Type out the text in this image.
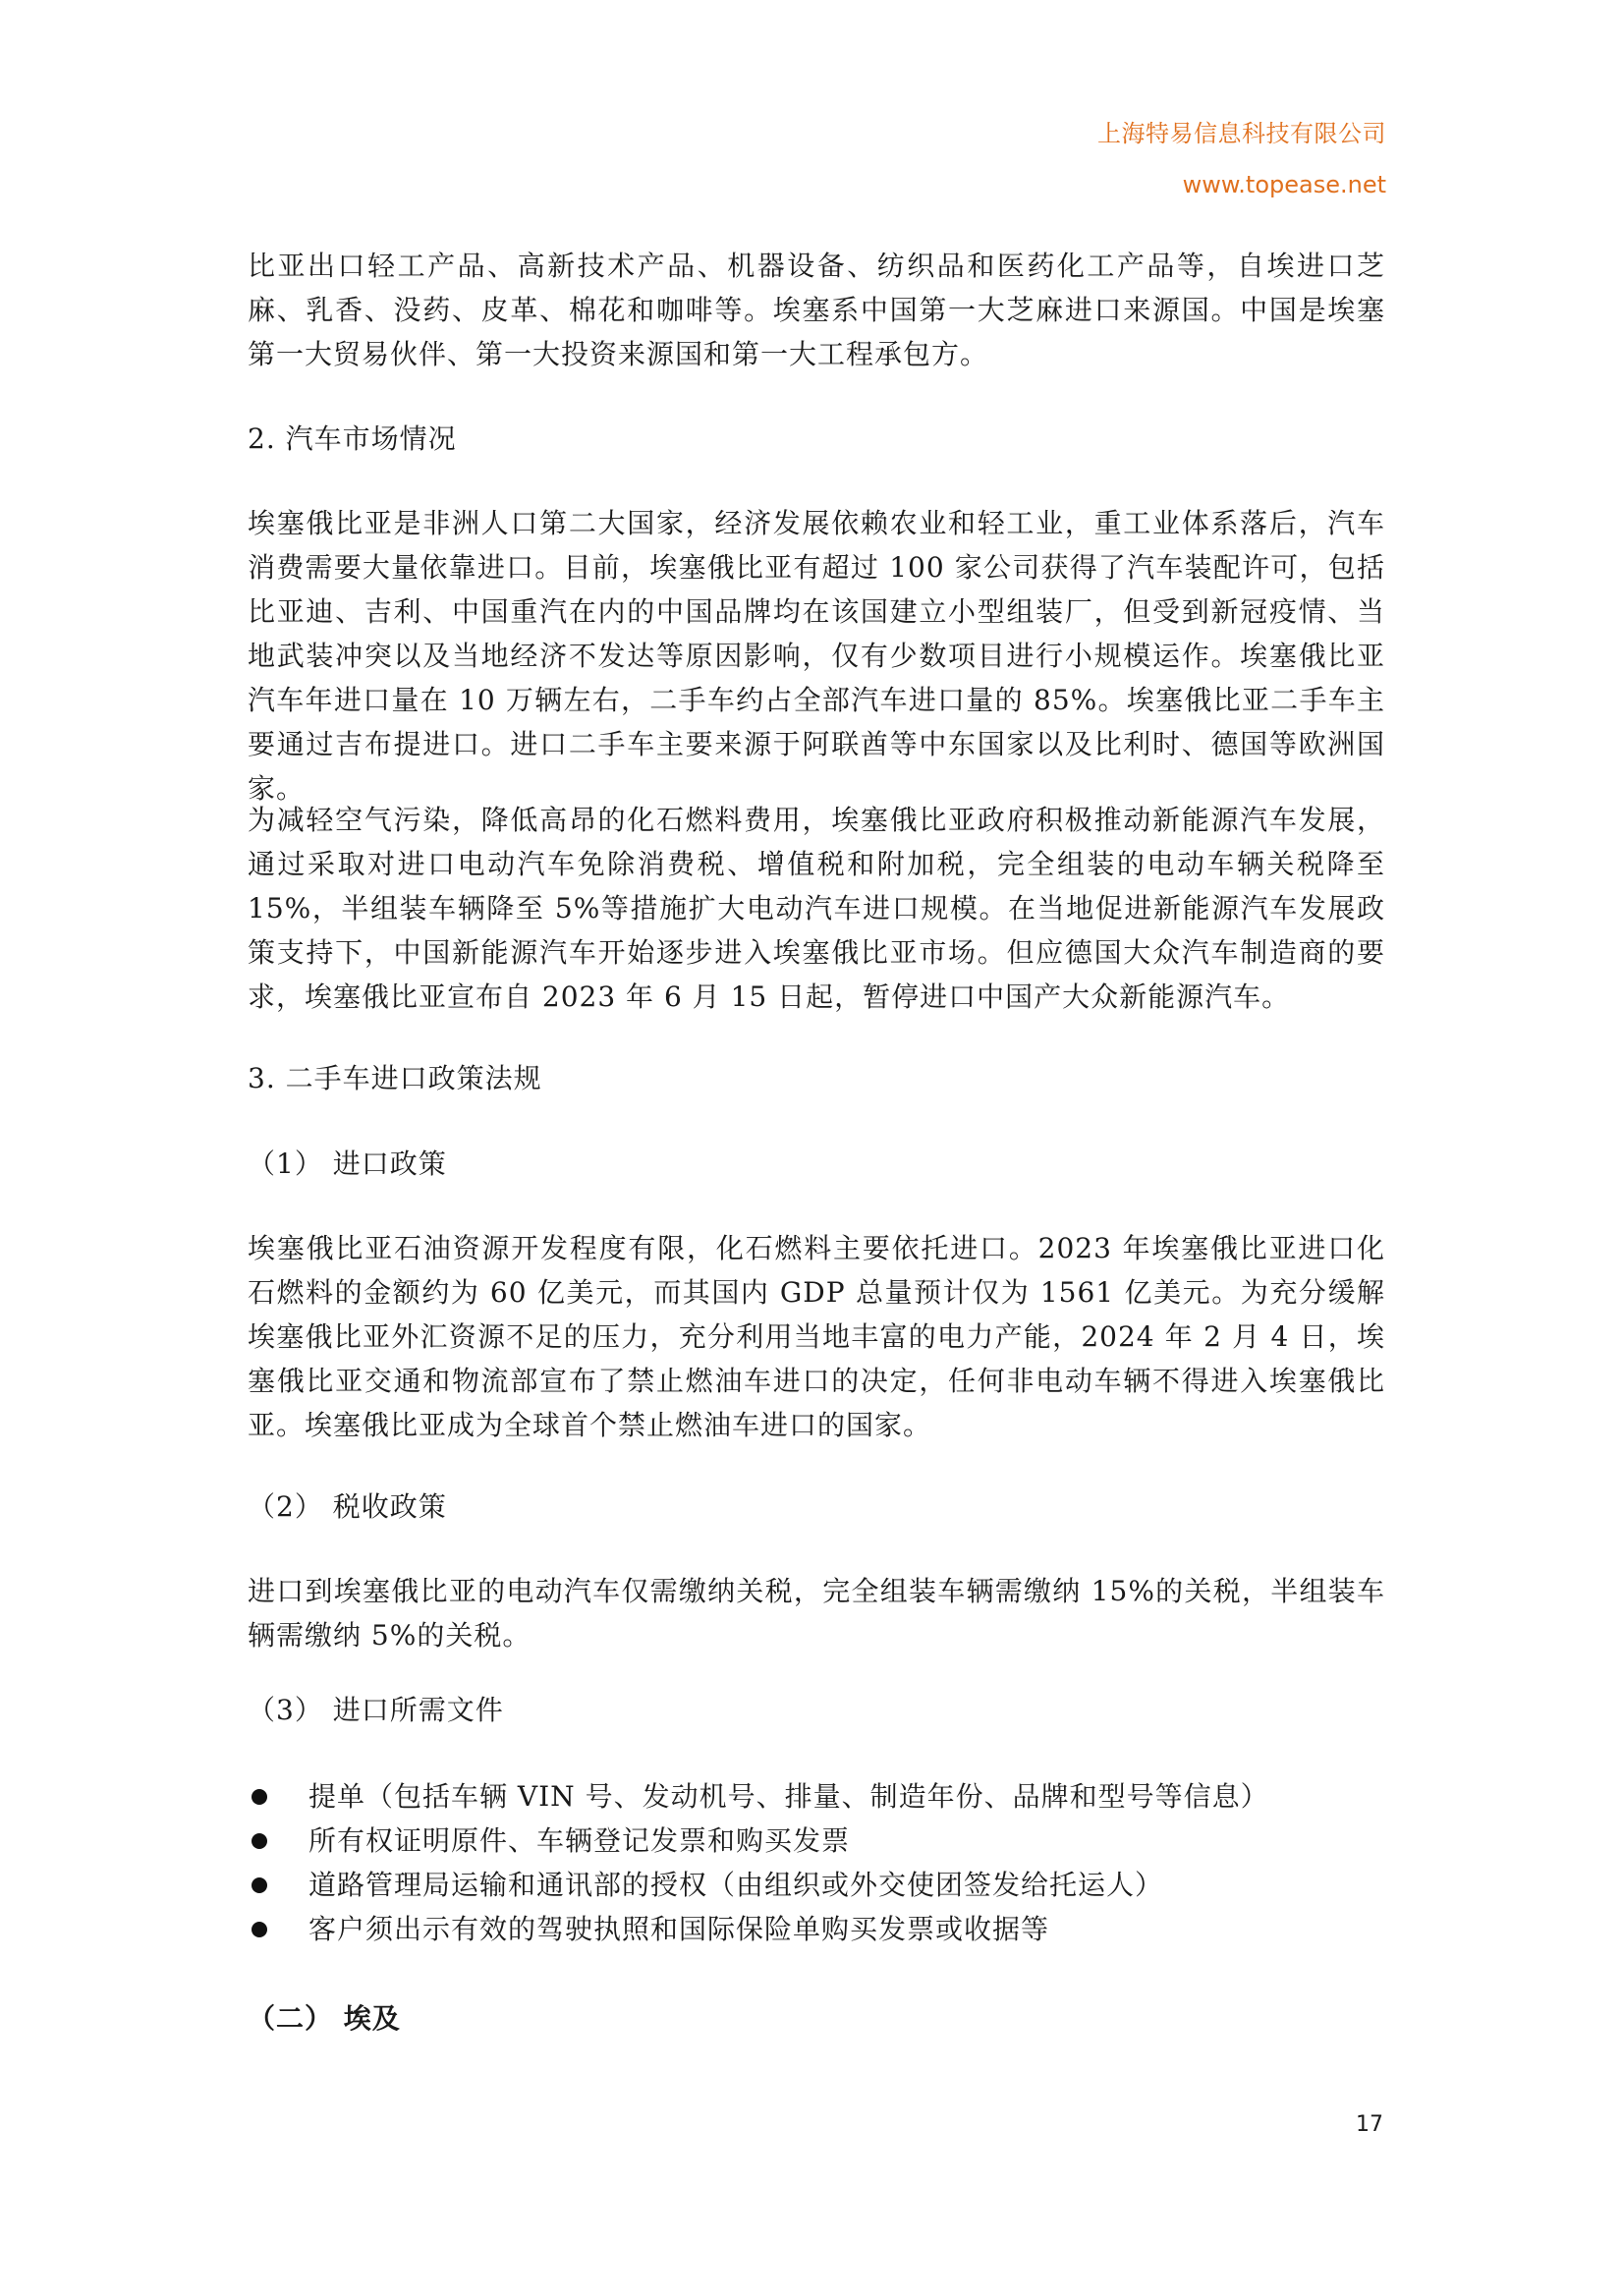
上海特易信息科技有限公司
www.topease.net

比亚出口轻工产品、高新技术产品、机器设备、纺织品和医药化工产品等，自埃进口芝麻、乳香、没药、皮革、棉花和咖啡等。埃塞系中国第一大芝麻进口来源国。中国是埃塞第一大贸易伙伴、第一大投资来源国和第一大工程承包方。

2. 汽车市场情况

埃塞俄比亚是非洲人口第二大国家，经济发展依赖农业和轻工业，重工业体系落后，汽车消费需要大量依靠进口。目前，埃塞俄比亚有超过 100 家公司获得了汽车装配许可，包括比亚迪、吉利、中国重汽在内的中国品牌均在该国建立小型组装厂，但受到新冠疫情、当地武装冲突以及当地经济不发达等原因影响，仅有少数项目进行小规模运作。埃塞俄比亚汽车年进口量在 10 万辆左右，二手车约占全部汽车进口量的 85%。埃塞俄比亚二手车主要通过吉布提进口。进口二手车主要来源于阿联酋等中东国家以及比利时、德国等欧洲国家。

为减轻空气污染，降低高昂的化石燃料费用，埃塞俄比亚政府积极推动新能源汽车发展，通过采取对进口电动汽车免除消费税、增值税和附加税，完全组装的电动车辆关税降至 15%，半组装车辆降至 5%等措施扩大电动汽车进口规模。在当地促进新能源汽车发展政策支持下，中国新能源汽车开始逐步进入埃塞俄比亚市场。但应德国大众汽车制造商的要求，埃塞俄比亚宣布自 2023 年 6 月 15 日起，暂停进口中国产大众新能源汽车。

3. 二手车进口政策法规
（1） 进口政策

埃塞俄比亚石油资源开发程度有限，化石燃料主要依托进口。2023 年埃塞俄比亚进口化石燃料的金额约为 60 亿美元，而其国内 GDP 总量预计仅为 1561 亿美元。为充分缓解埃塞俄比亚外汇资源不足的压力，充分利用当地丰富的电力产能，2024 年 2 月 4 日，埃塞俄比亚交通和物流部宣布了禁止燃油车进口的决定，任何非电动车辆不得进入埃塞俄比亚。埃塞俄比亚成为全球首个禁止燃油车进口的国家。

（2） 税收政策

进口到埃塞俄比亚的电动汽车仅需缴纳关税，完全组装车辆需缴纳 15%的关税，半组装车辆需缴纳 5%的关税。

（3） 进口所需文件
提单（包括车辆 VIN 号、发动机号、排量、制造年份、品牌和型号等信息）
所有权证明原件、车辆登记发票和购买发票
道路管理局运输和通讯部的授权（由组织或外交使团签发给托运人）
客户须出示有效的驾驶执照和国际保险单购买发票或收据等
（二） 埃及
17
